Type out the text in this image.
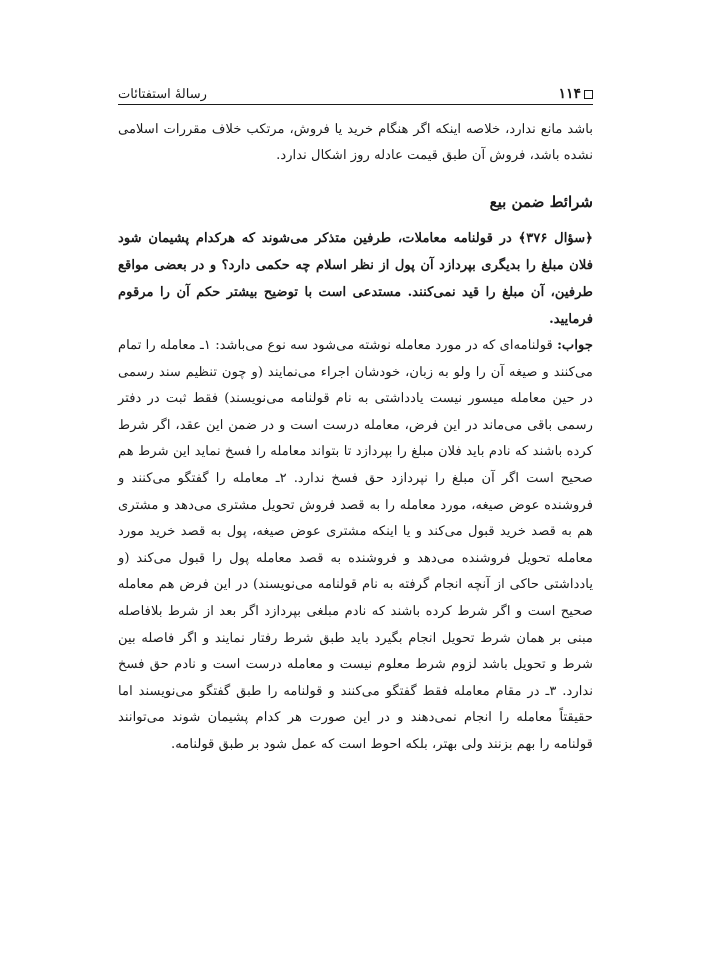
۱۱۴
رسالۀ استفتائات

باشد مانع ندارد، خلاصه اینکه اگر هنگام خرید یا فروش، مرتکب خلاف مقررات اسلامی نشده باشد، فروش آن طبق قیمت عادله روز اشکال ندارد.

شرائط ضمن بیع

﴿سؤال ۳۷۶﴾ در قولنامه معاملات، طرفین متذکر می‌شوند که هرکدام پشیمان شود فلان مبلغ را بدیگری بپردازد آن پول از نظر اسلام چه حکمی دارد؟ و در بعضی مواقع طرفین، آن مبلغ را قید نمی‌کنند. مستدعی است با توضیح بیشتر حکم آن را مرقوم فرمایید.

جواب: قولنامه‌ای که در مورد معامله نوشته می‌شود سه نوع می‌باشد: ۱ـ معامله را تمام می‌کنند و صیغه آن را ولو به زبان، خودشان اجراء می‌نمایند (و چون تنظیم سند رسمی در حین معامله میسور نیست یادداشتی به نام قولنامه می‌نویسند) فقط ثبت در دفتر رسمی باقی می‌ماند در این فرض، معامله درست است و در ضمن این عقد، اگر شرط کرده باشند که نادم باید فلان مبلغ را بپردازد تا بتواند معامله را فسخ نماید این شرط هم صحیح است اگر آن مبلغ را نپردازد حق فسخ ندارد. ۲ـ معامله را گفتگو می‌کنند و فروشنده عوض صیغه، مورد معامله را به قصد فروش تحویل مشتری می‌دهد و مشتری هم به قصد خرید قبول می‌کند و یا اینکه مشتری عوض صیغه، پول به قصد خرید مورد معامله تحویل فروشنده می‌دهد و فروشنده به قصد معامله پول را قبول می‌کند (و یادداشتی حاکی از آنچه انجام گرفته به نام قولنامه می‌نویسند) در این فرض هم معامله صحیح است و اگر شرط کرده باشند که نادم مبلغی بپردازد اگر بعد از شرط بلافاصله مبنی بر همان شرط تحویل انجام بگیرد باید طبق شرط رفتار نمایند و اگر فاصله بین شرط و تحویل باشد لزوم شرط معلوم نیست و معامله درست است و نادم حق فسخ ندارد. ۳ـ در مقام معامله فقط گفتگو می‌کنند و قولنامه را طبق گفتگو می‌نویسند اما حقیقتاً معامله را انجام نمی‌دهند و در این صورت هر کدام پشیمان شوند می‌توانند قولنامه را بهم بزنند ولی بهتر، بلکه احوط است که عمل شود بر طبق قولنامه.
